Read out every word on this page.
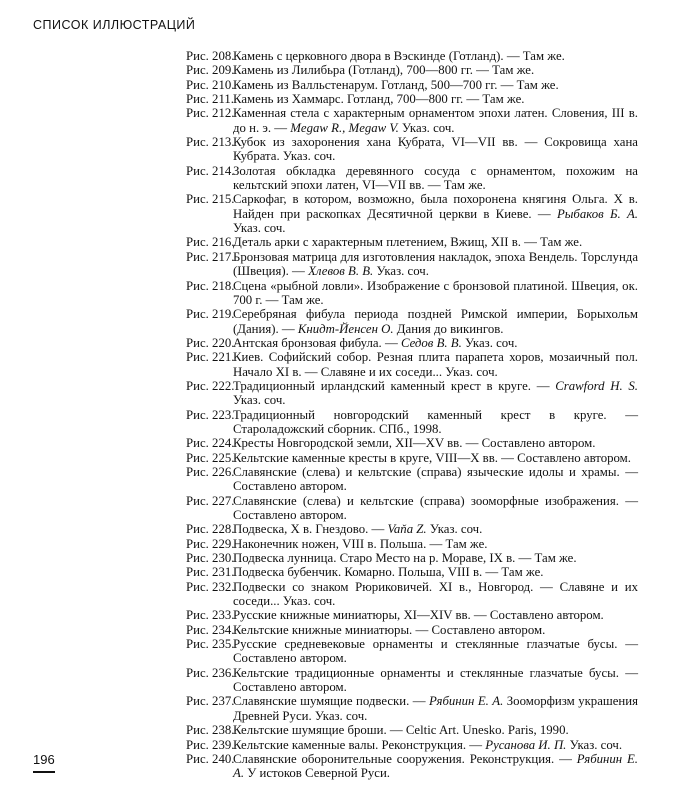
СПИСОК ИЛЛЮСТРАЦИЙ
Рис. 208.
Камень с церковного двора в Вэскинде (Готланд). — Там же.
Рис. 209.
Камень из Лилибьра (Готланд), 700—800 гг. — Там же.
Рис. 210.
Камень из Валльстенарум. Готланд, 500—700 гг. — Там же.
Рис. 211. Камень из Хаммарс. Готланд, 700—800 гг. — Там же.
Рис. 212.
Каменная стела с характерным орнаментом эпохи латен. Словения, III в. до н. э. — Megaw R., Megaw V. Указ. соч.
Рис. 213.
Кубок из захоронения хана Кубрата, VI—VII вв. — Сокровища хана Кубрата. Указ. соч.
Рис. 214.
Золотая обкладка деревянного сосуда с орнаментом, похожим на кельтский эпохи латен, VI—VII вв. — Там же.
Рис. 215.
Саркофаг, в котором, возможно, была похоронена княгиня Ольга. X в. Найден при раскопках Десятичной церкви в Киеве. — Рыбаков Б. А. Указ. соч.
Рис. 216.
Деталь арки с характерным плетением, Вжищ, XII в. — Там же.
Рис. 217.
Бронзовая матрица для изготовления накладок, эпоха Вендель. Торслунда (Швеция). — Хлевов В. В. Указ. соч.
Рис. 218.
Сцена «рыбной ловли». Изображение с бронзовой платиной. Швеция, ок. 700 г. — Там же.
Рис. 219.
Серебряная фибула периода поздней Римской империи, Борыхольм (Дания). — Книдт-Йенсен О. Дания до викингов.
Рис. 220.
Антская бронзовая фибула. — Седов В. В. Указ. соч.
Рис. 221.
Киев. Софийский собор. Резная плита парапета хоров, мозаичный пол. Начало XI в. — Славяне и их соседи... Указ. соч.
Рис. 222.
Традиционный ирландский каменный крест в круге. — Crawford H. S. Указ. соч.
Рис. 223.
Традиционный новгородский каменный крест в круге. — Староладожский сборник. СПб., 1998.
Рис. 224.
Кресты Новгородской земли, XII—XV вв. — Составлено автором.
Рис. 225.
Кельтские каменные кресты в круге, VIII—X вв. — Составлено автором.
Рис. 226.
Славянские (слева) и кельтские (справа) языческие идолы и храмы. — Составлено автором.
Рис. 227.
Славянские (слева) и кельтские (справа) зооморфные изображения. — Составлено автором.
Рис. 228.
Подвеска, X в. Гнездово. — Vaňa Z. Указ. соч.
Рис. 229.
Наконечник ножен, VIII в. Польша. — Там же.
Рис. 230.
Подвеска лунница. Старо Место на р. Мораве, IX в. — Там же.
Рис. 231.
Подвеска бубенчик. Комарно. Польша, VIII в. — Там же.
Рис. 232.
Подвески со знаком Рюриковичей. XI в., Новгород. — Славяне и их соседи... Указ. соч.
Рис. 233.
Русские книжные миниатюры, XI—XIV вв. — Составлено автором.
Рис. 234.
Кельтские книжные миниатюры. — Составлено автором.
Рис. 235.
Русские средневековые орнаменты и стеклянные глазчатые бусы. — Составлено автором.
Рис. 236.
Кельтские традиционные орнаменты и стеклянные глазчатые бусы. — Составлено автором.
Рис. 237.
Славянские шумящие подвески. — Рябинин Е. А. Зооморфизм украшения Древней Руси. Указ. соч.
Рис. 238.
Кельтские шумящие броши. — Celtic Art. Unesko. Paris, 1990.
Рис. 239.
Кельтские каменные валы. Реконструкция. — Русанова И. П. Указ. соч.
Рис. 240.
Славянские оборонительные сооружения. Реконструкция. — Рябинин Е. А. У истоков Северной Руси.
196
